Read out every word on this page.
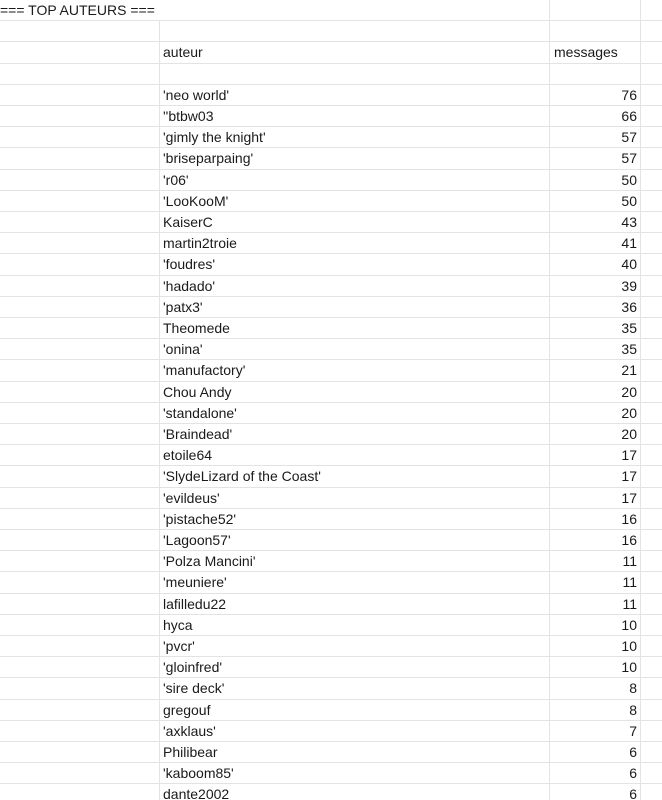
=== TOP AUTEURS ===
auteur	messages
'neo world'	76
''btbw03	66
'gimly the knight'	57
'briseparpaing'	57
'r06'	50
'LooKooM'	50
KaiserC	43
martin2troie	41
'foudres'	40
'hadado'	39
'patx3'	36
Theomede	35
'onina'	35
'manufactory'	21
Chou Andy	20
'standalone'	20
'Braindead'	20
etoile64	17
'SlydeLizard of the Coast'	17
'evildeus'	17
'pistache52'	16
'Lagoon57'	16
'Polza Mancini'	11
'meuniere'	11
lafilledu22	11
hyca	10
'pvcr'	10
'gloinfred'	10
'sire deck'	8
gregouf	8
'axklaus'	7
Philibear	6
'kaboom85'	6
dante2002	6
